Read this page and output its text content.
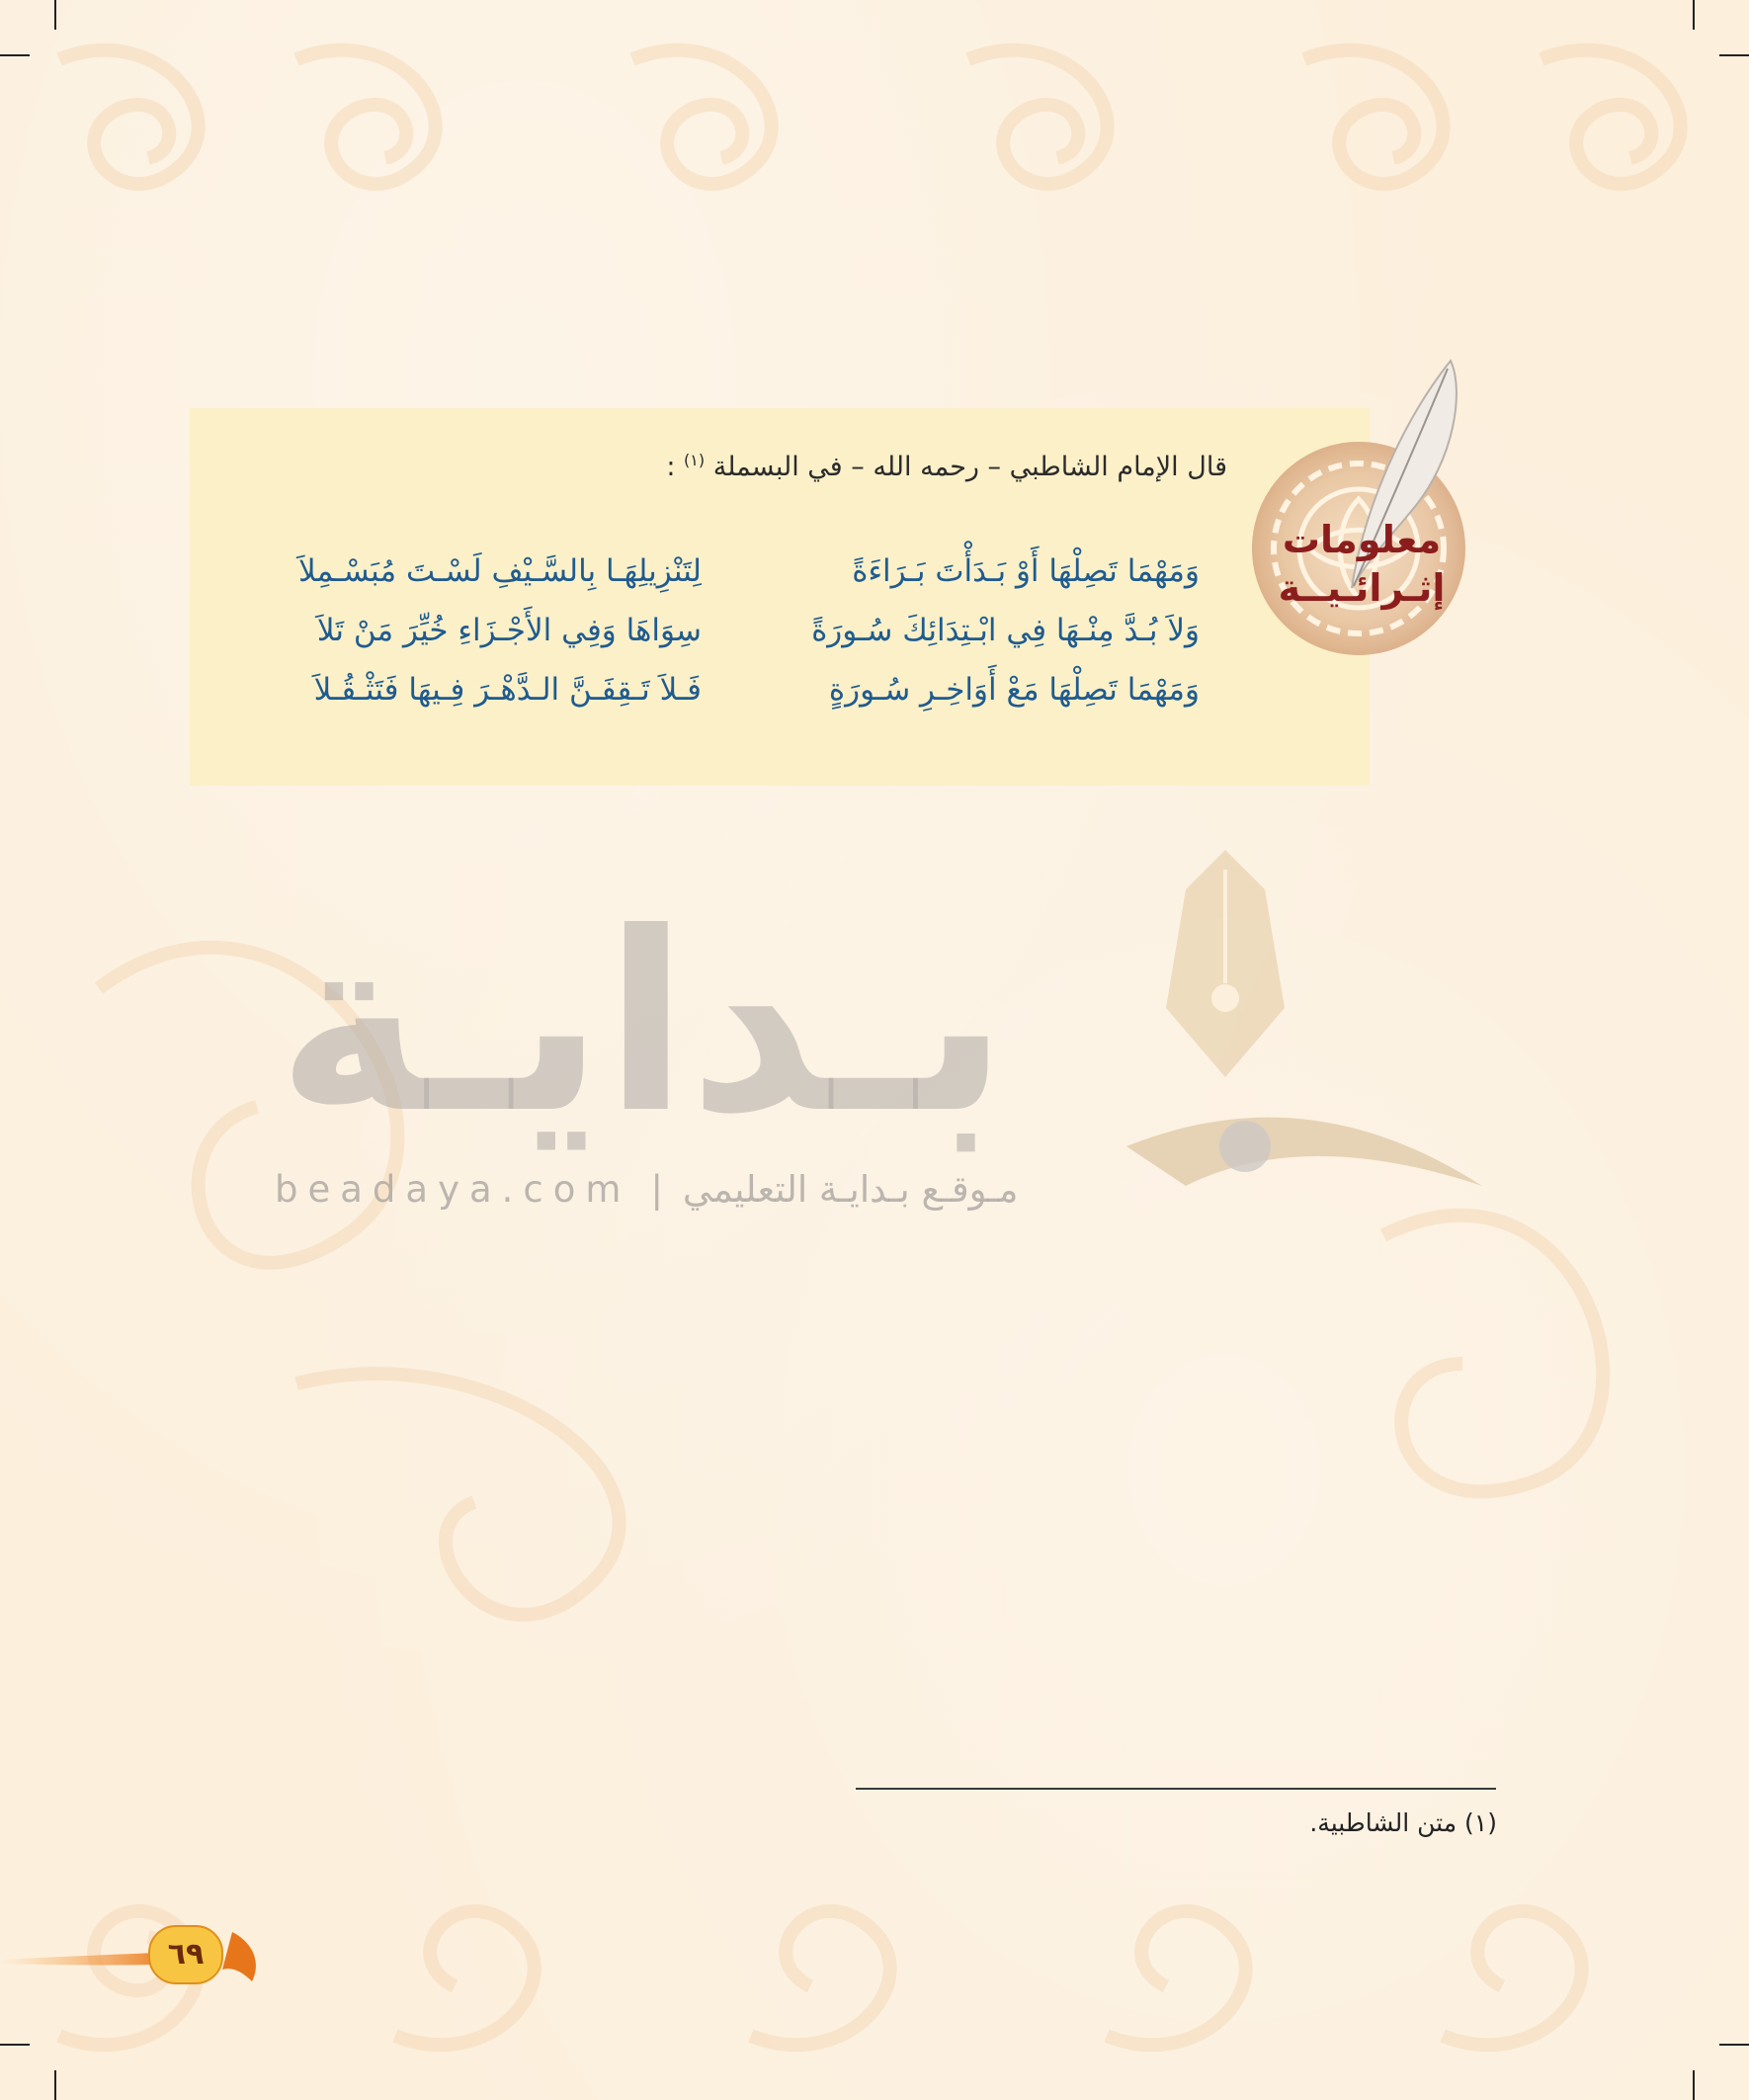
معلومات
إثـرائـيــة
قال الإمام الشاطبي – رحمه الله – في البسملة $^{(١)}$ :
وَمَهْمَا تَصِلْهَا أَوْ بَـدَأْتَ بَـرَاءَةً
لِتَنْزِيلِهَـا بِالسَّـيْفِ لَسْـتَ مُبَسْـمِلاَ
وَلاَ بُـدَّ مِنْـهَا فِي ابْـتِدَائِكَ سُـورَةً
سِوَاهَا وَفِي الأَجْـزَاءِ خُيِّرَ مَنْ تَلاَ
وَمَهْمَا تَصِلْهَا مَعْ أَوَاخِـرِ سُـورَةٍ
فَـلاَ تَـقِفَـنَّ الـدَّهْـرَ فِـيهَا فَتَثْـقُـلاَ
بـدايـة
beadaya.com | مـوقـع بـدايـة التعليمي
(١) متن الشاطبية.
٦٩
